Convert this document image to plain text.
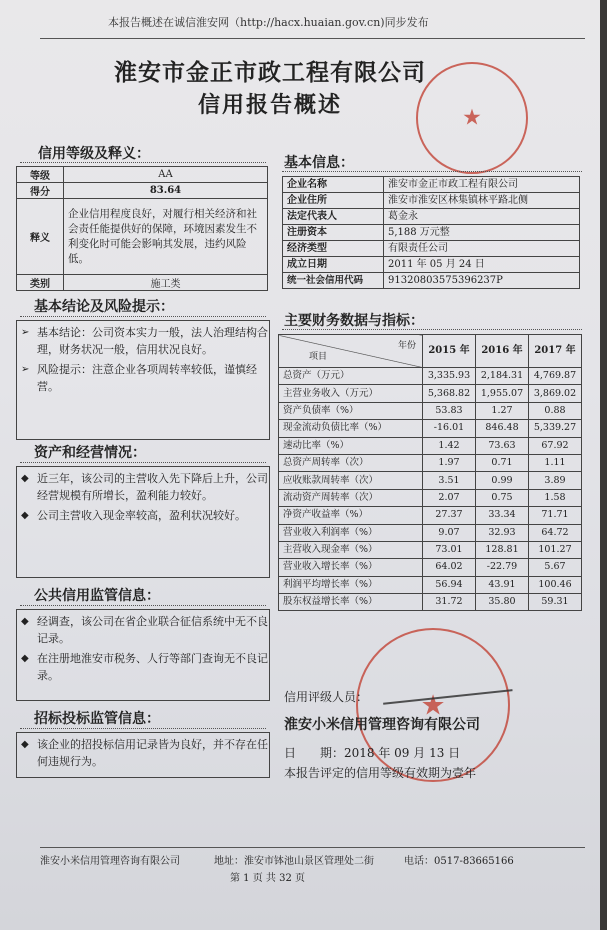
本报告概述在诚信淮安网（http://hacx.huaian.gov.cn)同步发布
淮安市金正市政工程有限公司
信用报告概述	★
信用等级及释义：
等级	AA
得分	83.64
释义	企业信用程度良好，对履行相关经济和社会责任能提供好的保障，环境因素发生不利变化时可能会影响其发展，违约风险低。
类别	施工类
基本结论及风险提示：
➢ 基本结论：公司资本实力一般，法人治理结构合理，财务状况一般，信用状况良好。
➢ 风险提示：注意企业各项周转率较低，谨慎经营。
资产和经营情况：
◆ 近三年，该公司的主营收入先下降后上升，公司经营规模有所增长，盈利能力较好。
◆ 公司主营收入现金率较高，盈利状况较好。
公共信用监管信息：
◆ 经调查，该公司在省企业联合征信系统中无不良记录。
◆ 在注册地淮安市税务、人行等部门查询无不良记录。
招标投标监管信息：
◆ 该企业的招投标信用记录皆为良好，并不存在任何违规行为。
基本信息：
企业名称	淮安市金正市政工程有限公司
企业住所	淮安市淮安区林集镇林平路北侧
法定代表人	葛金永
注册资本	5,188 万元整
经济类型	有限责任公司
成立日期	2011 年 05 月 24 日
统一社会信用代码	91320803575396237P
主要财务数据与指标：
年份
项目	2015 年	2016 年	2017 年
总资产（万元）	3,335.93	2,184.31	4,769.87
主营业务收入（万元）	5,368.82	1,955.07	3,869.02
资产负债率（%）	53.83	1.27	0.88
现金流动负债比率（%）	-16.01	846.48	5,339.27
速动比率（%）	1.42	73.63	67.92
总资产周转率（次）	1.97	0.71	1.11
应收账款周转率（次）	3.51	0.99	3.89
流动资产周转率（次）	2.07	0.75	1.58
净资产收益率（%）	27.37	33.34	71.71
营业收入利润率（%）	9.07	32.93	64.72
主营收入现金率（%）	73.01	128.81	101.27
营业收入增长率（%）	64.02	-22.79	5.67
利润平均增长率（%）	56.94	43.91	100.46
股东权益增长率（%）	31.72	35.80	59.31
★
信用评级人员：
淮安小米信用管理咨询有限公司
日　　期：2018 年 09 月 13 日
本报告评定的信用等级有效期为壹年
淮安小米信用管理咨询有限公司	地址：淮安市钵池山景区管理处二街	电话：0517-83665166
第 1 页 共 32 页
